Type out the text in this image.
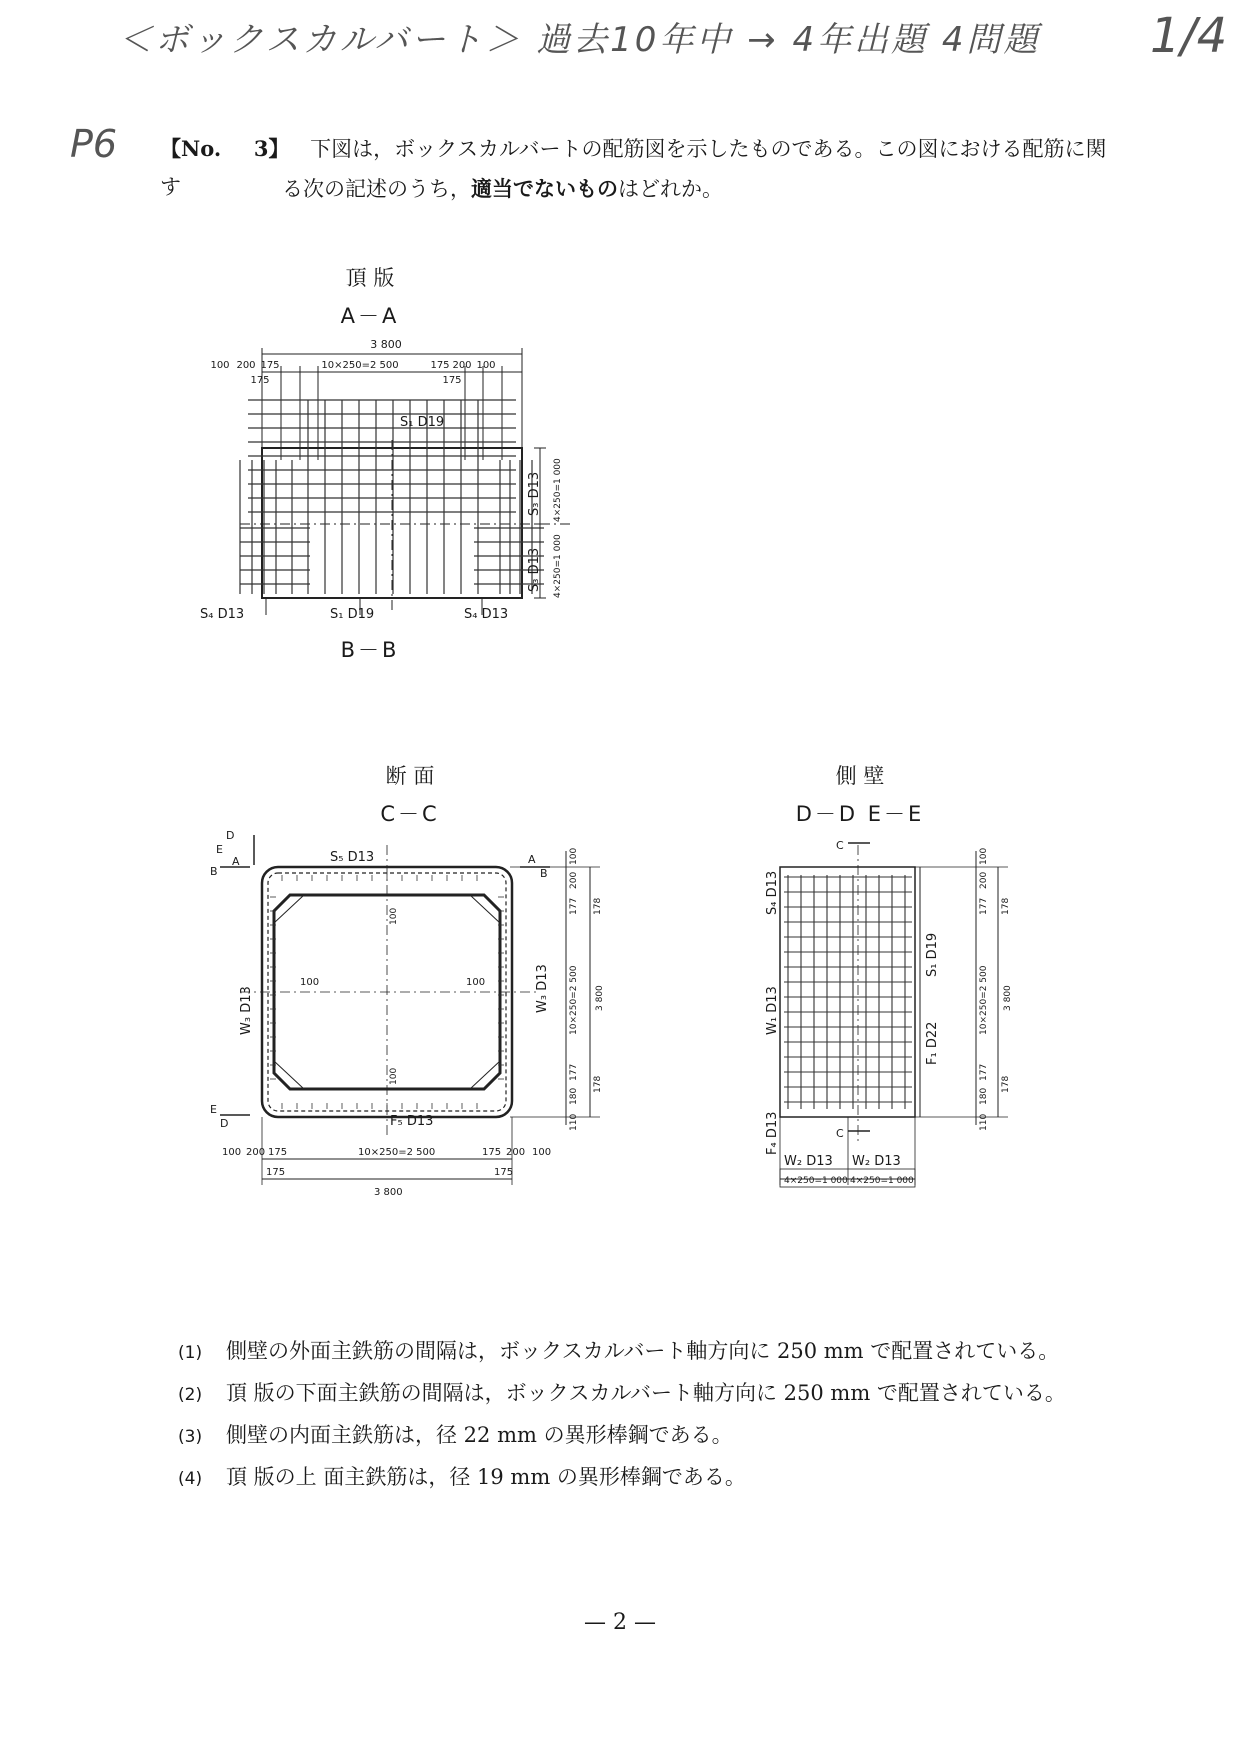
＜ボックスカルバート＞ 過去10年中 → 4年出題 4問題 1/4
P6 【No. 3】 下図は，ボックスカルバートの配筋図を示したものである。この図における配筋に関す	る次の記述のうち，適当でないものはどれか。
頂 版
A－A
B－B
3 800
100 200 175	10×250=2 500	175 200 100
175	175
S₁ D19
S₃ D13
S₃ D13
4×250=1 000
4×250=1 000
S₄ D13	S₁ D19	S₄ D13
断 面
C－C
D
E
B
A	A
B
E
D
S₅ D13
F₅ D13
W₃ D13	W₃ D13
100
100	100
100
100
200
177 178
10×250=2 500 3 800
177
178
180
110
100 200 175	10×250=2 500	175 200 100
175
3 800
175
側 壁
D－D E－E
C
C
S₄ D13
W₁ D13
F₄ D13
S₁ D19
F₁ D22
W₂ D13 W₂ D13
4×250=1 000 4×250=1 000
100
200
177 178
10×250=2 500 3 800
177
178
180
110
(1) 側壁の外面主鉄筋の間隔は，ボックスカルバート軸方向に 250 mm で配置されている。
(2) 頂 版の下面主鉄筋の間隔は，ボックスカルバート軸方向に 250 mm で配置されている。
(3) 側壁の内面主鉄筋は，径 22 mm の異形棒鋼である。
(4) 頂 版の上 面主鉄筋は，径 19 mm の異形棒鋼である。
— 2 —
